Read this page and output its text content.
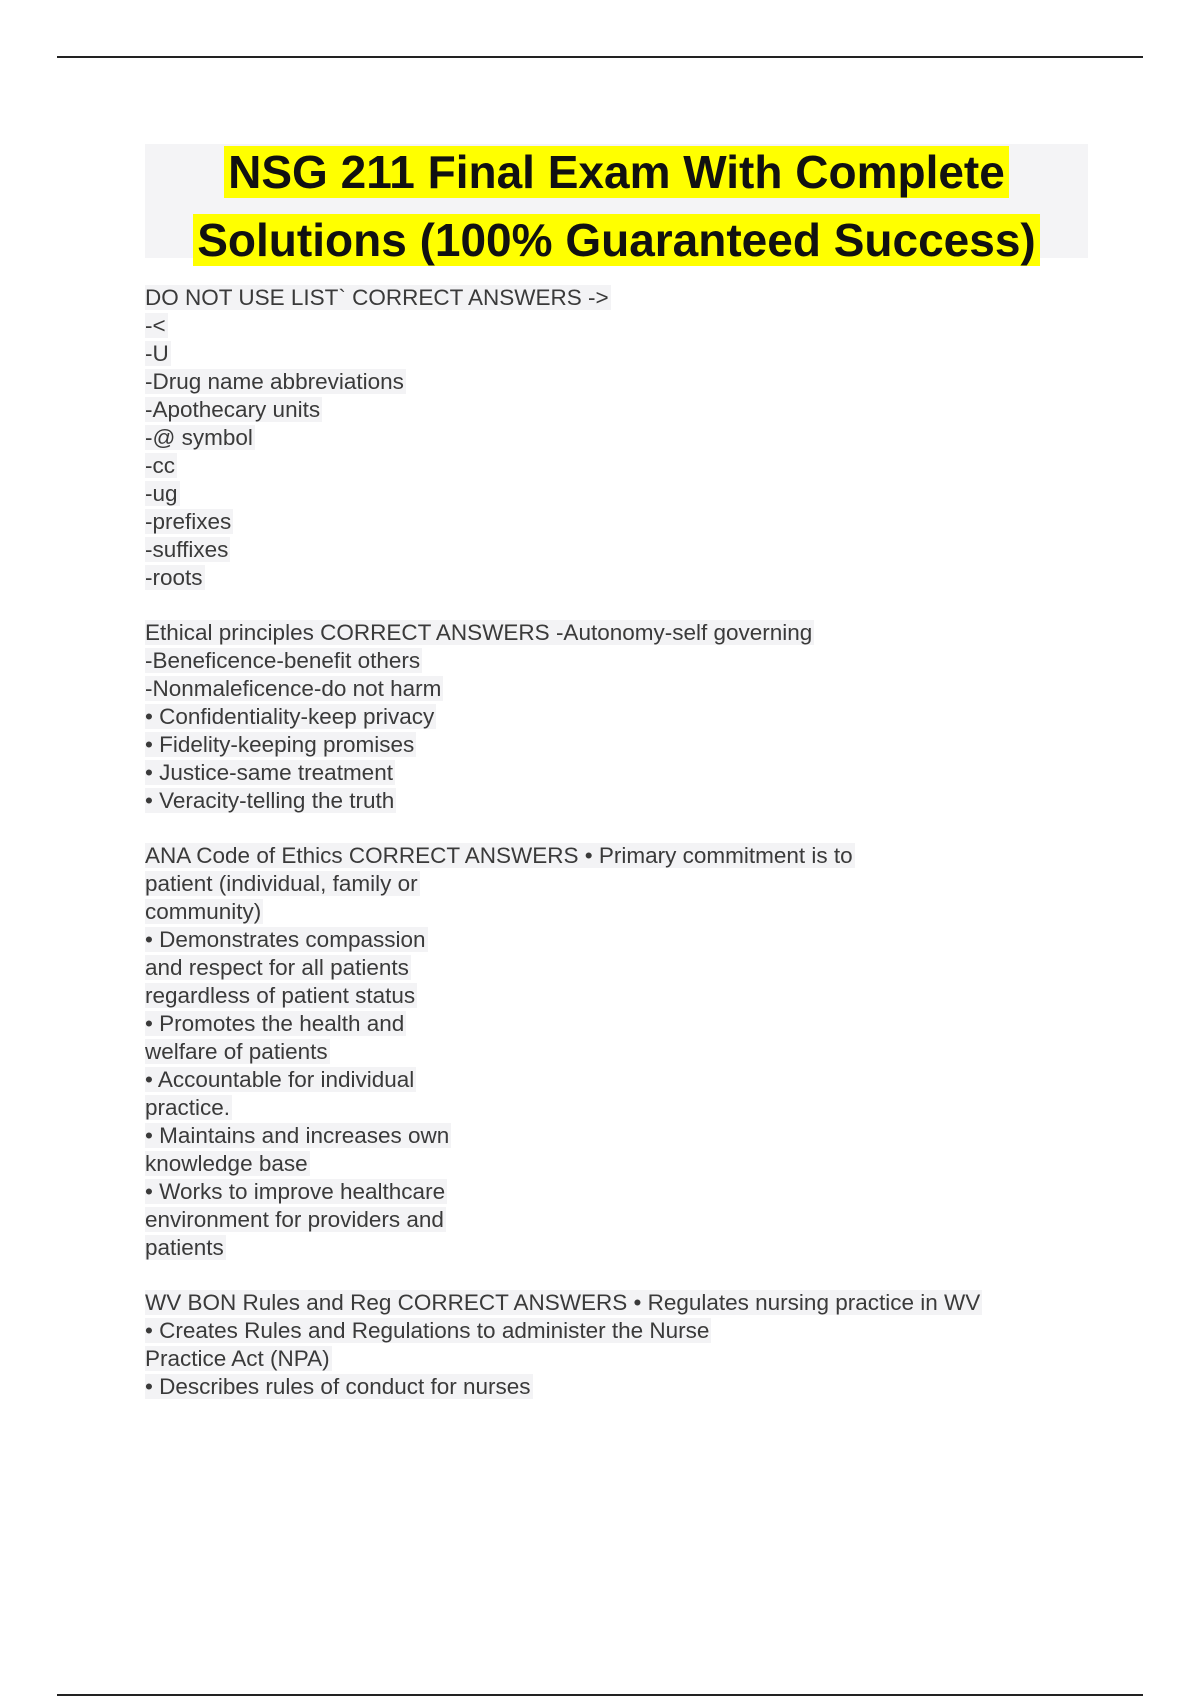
NSG 211 Final Exam With Complete
Solutions (100% Guaranteed Success)
DO NOT USE LIST` CORRECT ANSWERS ->
-<
-U
-Drug name abbreviations
-Apothecary units
-@ symbol
-cc
-ug
-prefixes
-suffixes
-roots
Ethical principles CORRECT ANSWERS -Autonomy-self governing
-Beneficence-benefit others
-Nonmaleficence-do not harm
• Confidentiality-keep privacy
• Fidelity-keeping promises
• Justice-same treatment
• Veracity-telling the truth
ANA Code of Ethics CORRECT ANSWERS • Primary commitment is to
patient (individual, family or
community)
• Demonstrates compassion
and respect for all patients
regardless of patient status
• Promotes the health and
welfare of patients
• Accountable for individual
practice.
• Maintains and increases own
knowledge base
• Works to improve healthcare
environment for providers and
patients
WV BON Rules and Reg CORRECT ANSWERS • Regulates nursing practice in WV
• Creates Rules and Regulations to administer the Nurse
Practice Act (NPA)
• Describes rules of conduct for nurses
